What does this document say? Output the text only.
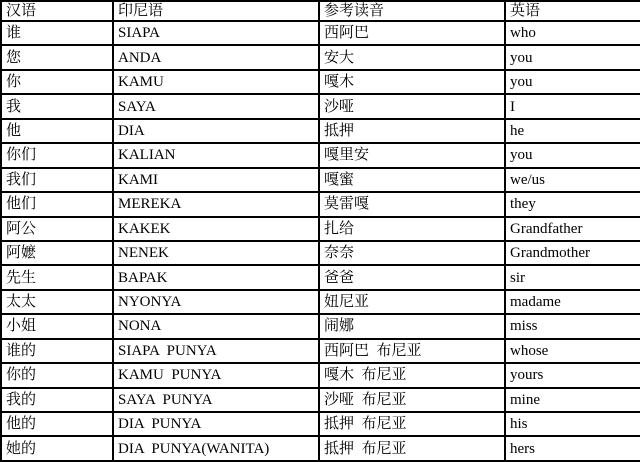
汉语	印尼语	参考读音	英语
谁	SIAPA	西阿巴	who
您	ANDA	安大	you
你	KAMU	嘎木	you
我	SAYA	沙哑	I
他	DIA	抵押	he
你们	KALIAN	嘎里安	you
我们	KAMI	嘎蜜	we/us
他们	MEREKA	莫雷嘎	they
阿公	KAKEK	扎给	Grandfather
阿嬷	NENEK	奈奈	Grandmother
先生	BAPAK	爸爸	sir
太太	NYONYA	妞尼亚	madame
小姐	NONA	闹娜	miss
谁的	SIAPA  PUNYA	西阿巴  布尼亚	whose
你的	KAMU  PUNYA	嘎木  布尼亚	yours
我的	SAYA  PUNYA	沙哑  布尼亚	mine
他的	DIA  PUNYA	抵押  布尼亚	his
她的	DIA  PUNYA(WANITA)	抵押  布尼亚	hers
